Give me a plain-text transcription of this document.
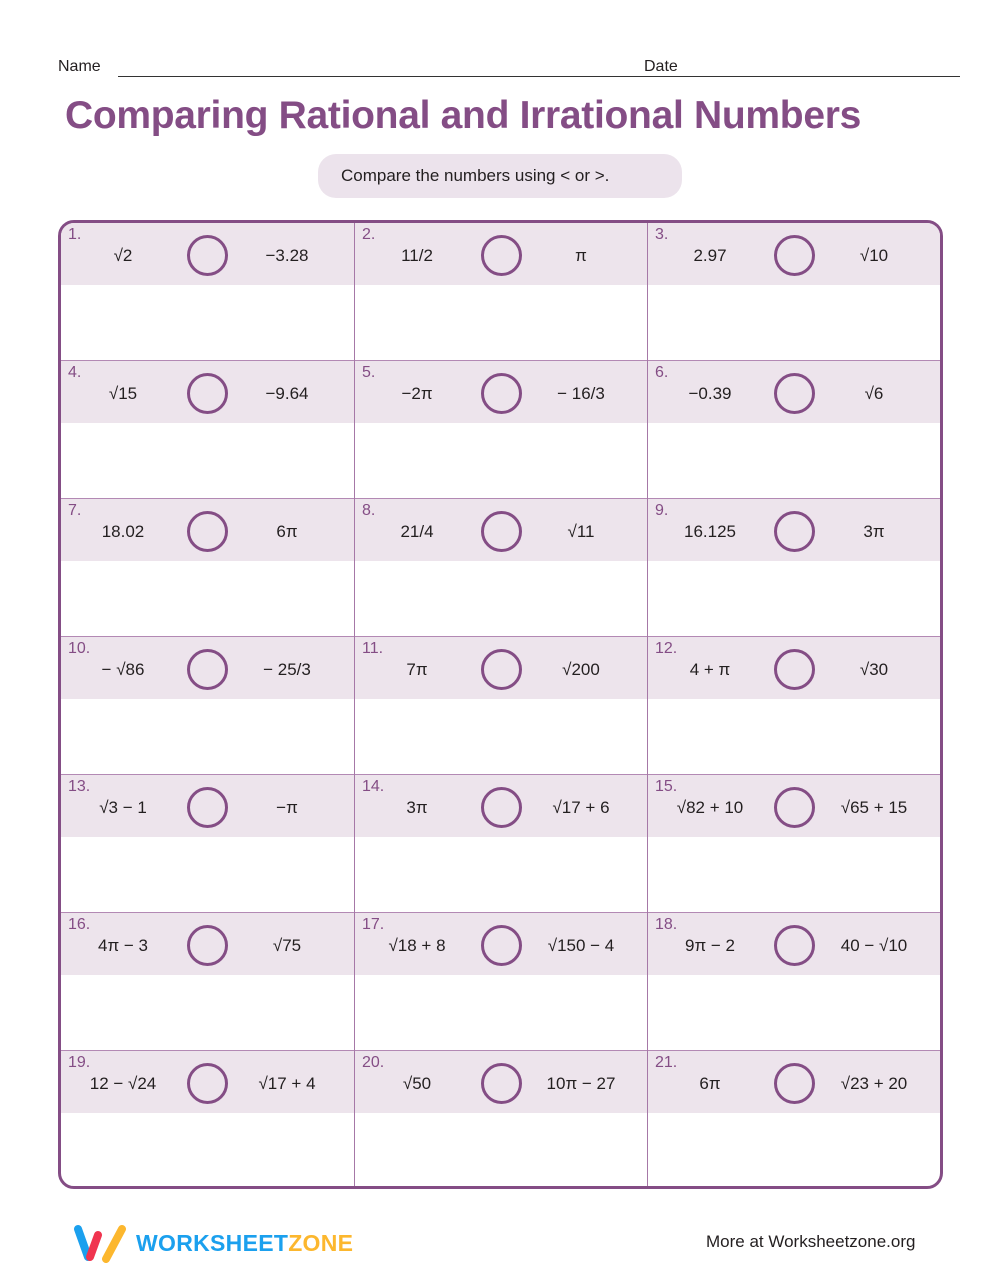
Name	Date
Comparing Rational and Irrational Numbers
Compare the numbers using < or >.
1.
√2	−3.28
2.
11/2	π
3.
2.97	√10
4.
√15	−9.64
5.
−2π	− 16/3
6.
−0.39	√6
7.
18.02	6π
8.
21/4	√11
9.
16.125	3π
10.
− √86	− 25/3
11.
7π	√200
12.
4 + π	√30
13.
√3 − 1	−π
14.
3π	√17 + 6
15.
√82 + 10	√65 + 15
16.
4π − 3	√75
17.
√18 + 8	√150 − 4
18.
9π − 2	40 − √10
19.
12 − √24	√17 + 4
20.
√50	10π − 27
21.
6π	√23 + 20
WORKSHEETZONE	More at Worksheetzone.org
